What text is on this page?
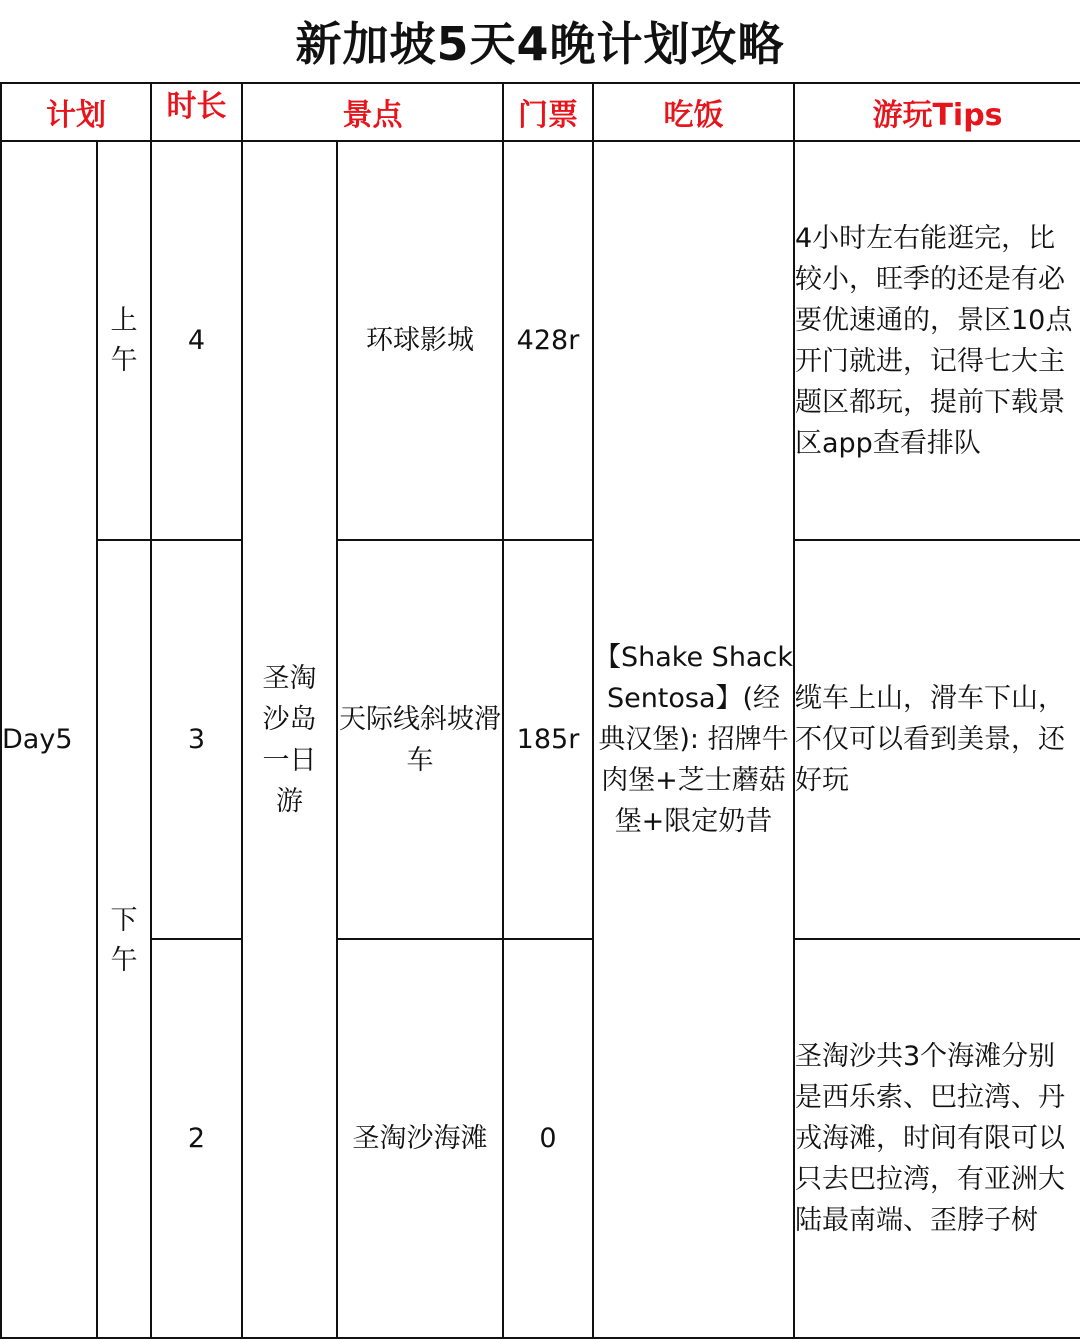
新加坡5天4晚计划攻略
计划		时长	景点		门票	吃饭	游玩Tips
Day5	上午	4	圣淘沙岛一日游	环球影城	428r	【Shake Shack Sentosa】(经典汉堡): 招牌牛肉堡+芝士蘑菇堡+限定奶昔	4小时左右能逛完，比较小，旺季的还是有必要优速通的，景区10点开门就进，记得七大主题区都玩，提前下载景区app查看排队
	下午	3		天际线斜坡滑车	185r		缆车上山，滑车下山，不仅可以看到美景，还好玩
		2		圣淘沙海滩	0		圣淘沙共3个海滩分别是西乐索、巴拉湾、丹戎海滩，时间有限可以只去巴拉湾，有亚洲大陆最南端、歪脖子树
